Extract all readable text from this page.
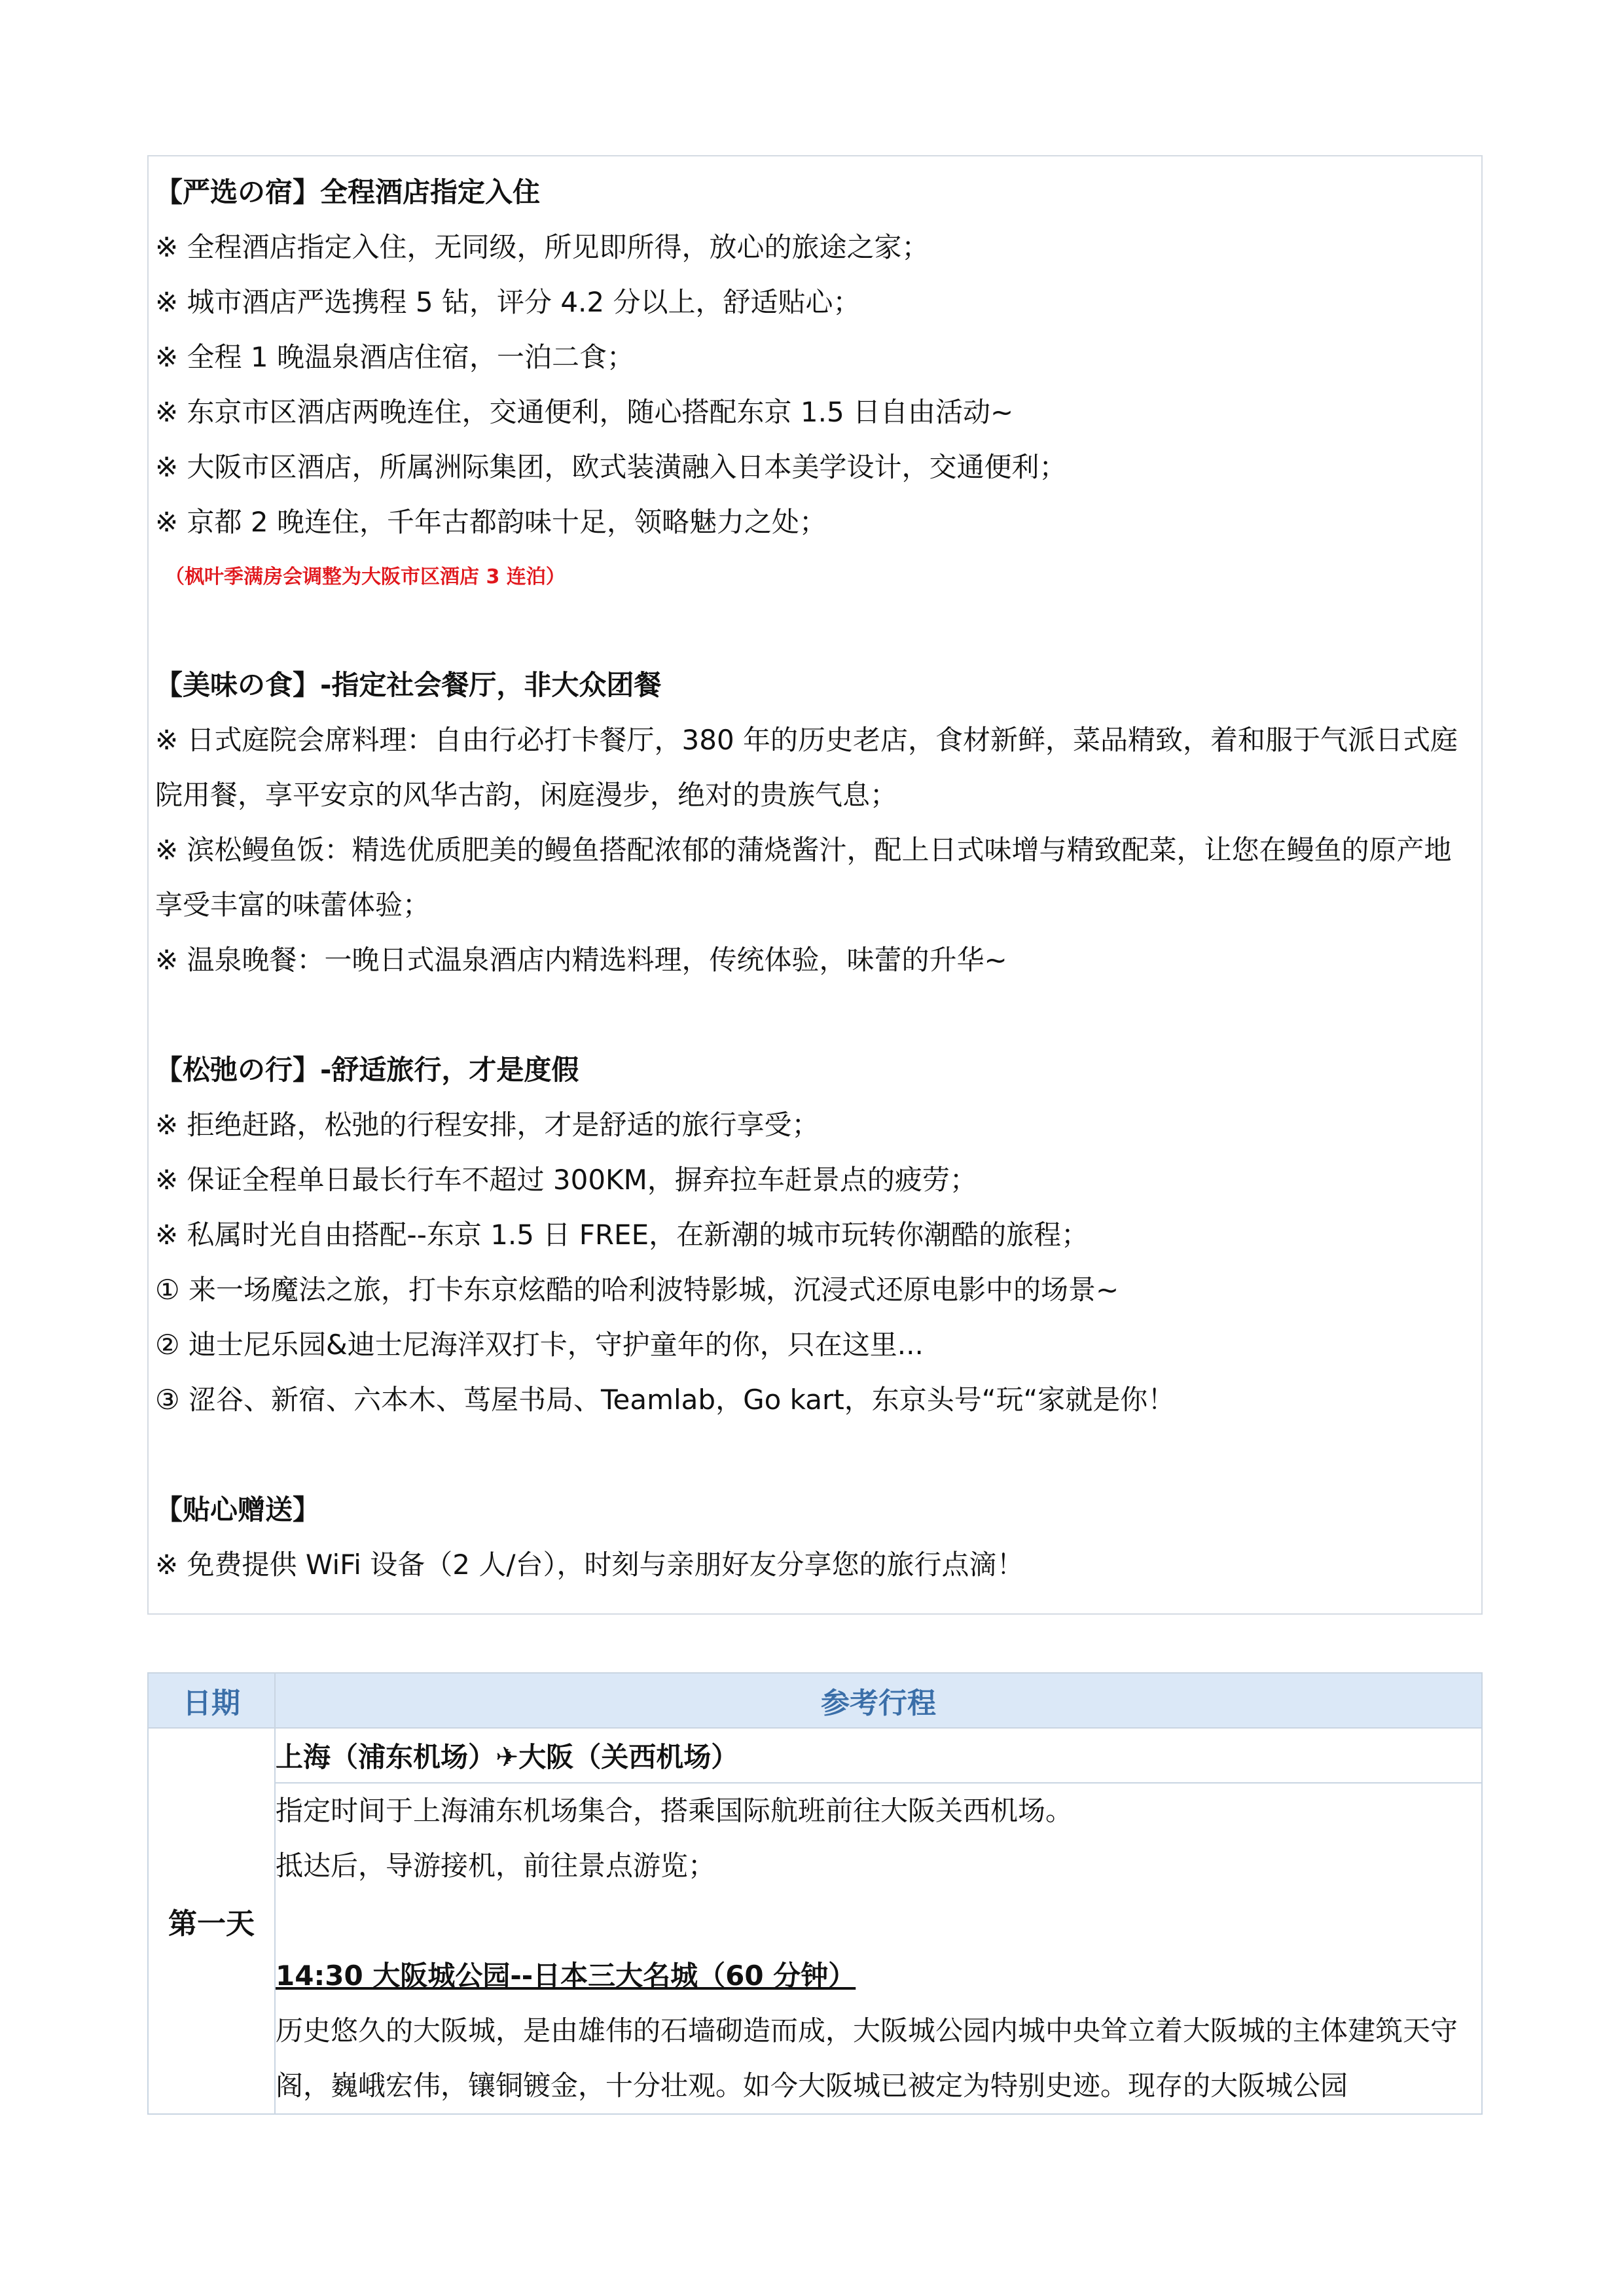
【严选の宿】全程酒店指定入住
※ 全程酒店指定入住，无同级，所见即所得，放心的旅途之家；
※ 城市酒店严选携程 5 钻，评分 4.2 分以上，舒适贴心；
※ 全程 1 晚温泉酒店住宿，一泊二食；
※ 东京市区酒店两晚连住，交通便利，随心搭配东京 1.5 日自由活动~
※ 大阪市区酒店，所属洲际集团，欧式装潢融入日本美学设计，交通便利；
※ 京都 2 晚连住，千年古都韵味十足，领略魅力之处；
（枫叶季满房会调整为大阪市区酒店 3 连泊）
【美味の食】-指定社会餐厅，非大众团餐
※ 日式庭院会席料理：自由行必打卡餐厅，380 年的历史老店，食材新鲜，菜品精致，着和服于气派日式庭院用餐，享平安京的风华古韵，闲庭漫步，绝对的贵族气息；
※ 滨松鳗鱼饭：精选优质肥美的鳗鱼搭配浓郁的蒲烧酱汁，配上日式味增与精致配菜，让您在鳗鱼的原产地享受丰富的味蕾体验；
※ 温泉晚餐：一晚日式温泉酒店内精选料理，传统体验，味蕾的升华~
【松弛の行】-舒适旅行，才是度假
※ 拒绝赶路，松弛的行程安排，才是舒适的旅行享受；
※ 保证全程单日最长行车不超过 300KM，摒弃拉车赶景点的疲劳；
※ 私属时光自由搭配--东京 1.5 日 FREE，在新潮的城市玩转你潮酷的旅程；
① 来一场魔法之旅，打卡东京炫酷的哈利波特影城，沉浸式还原电影中的场景~
② 迪士尼乐园&迪士尼海洋双打卡，守护童年的你，只在这里...
③ 涩谷、新宿、六本木、茑屋书局、Teamlab，Go kart，东京头号“玩“家就是你！
【贴心赠送】
※ 免费提供 WiFi 设备（2 人/台），时刻与亲朋好友分享您的旅行点滴！
日期	参考行程
第一天	上海（浦东机场）✈大阪（关西机场）

	指定时间于上海浦东机场集合，搭乘国际航班前往大阪关西机场。
抵达后，导游接机，前往景点游览；
14:30 大阪城公园--日本三大名城（60 分钟）
历史悠久的大阪城，是由雄伟的石墙砌造而成，大阪城公园内城中央耸立着大阪城的主体建筑天守阁，巍峨宏伟，镶铜镀金，十分壮观。如今大阪城已被定为特别史迹。现存的大阪城公园
